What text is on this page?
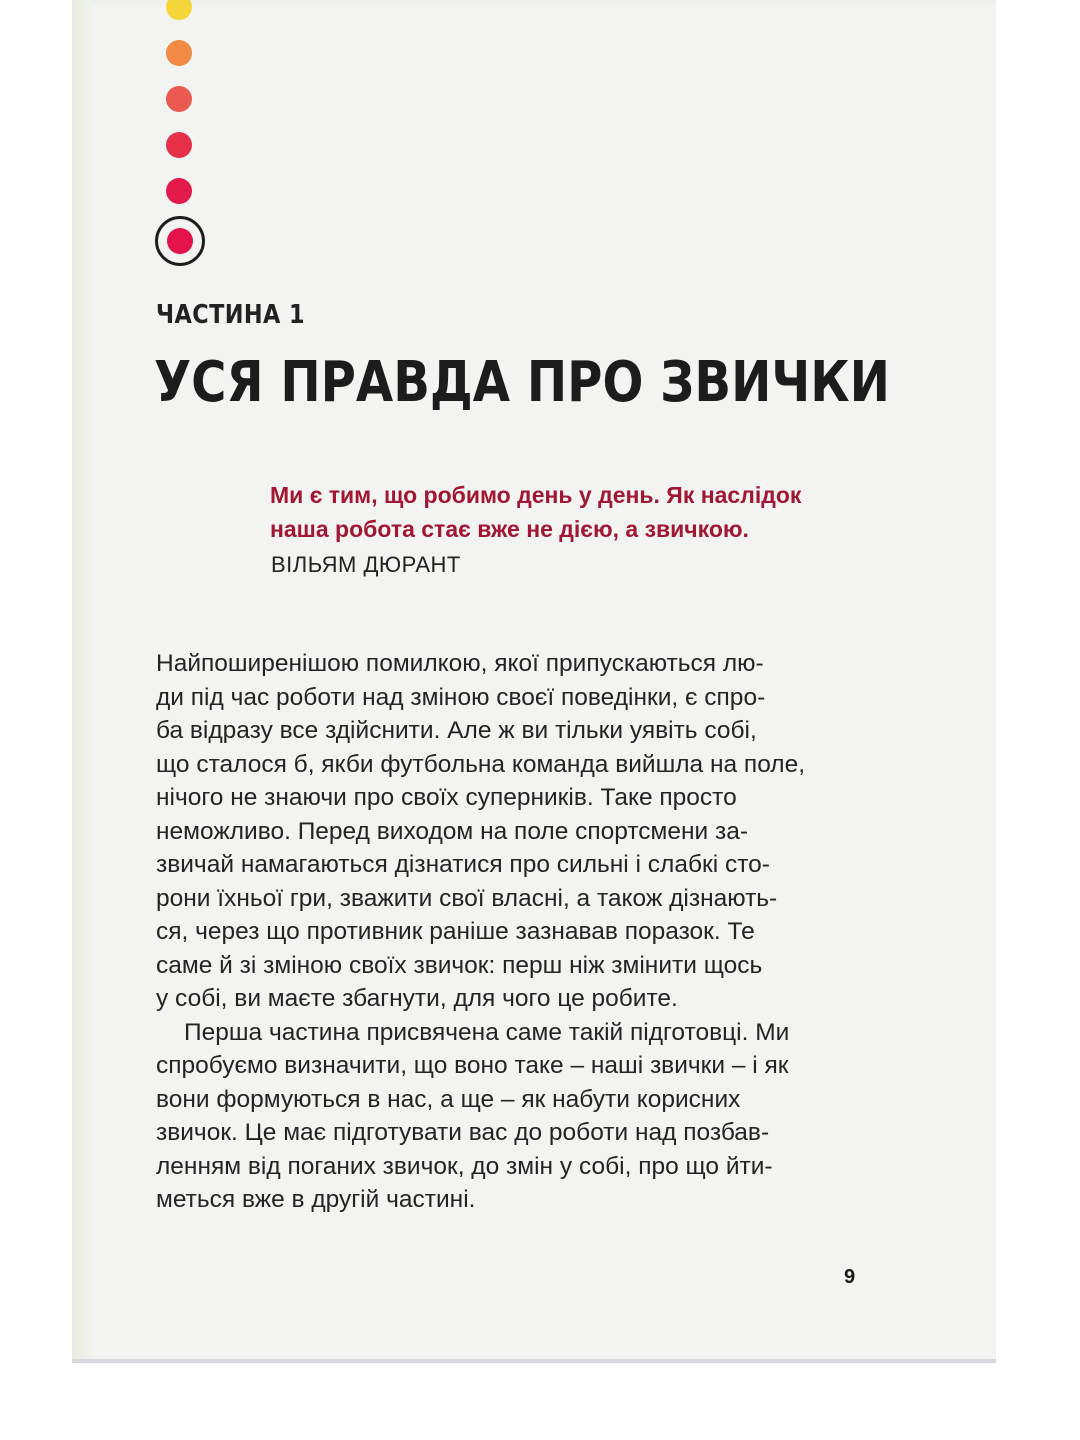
ЧАСТИНА 1
УСЯ ПРАВДА ПРО ЗВИЧКИ
Ми є тим, що робимо день у день. Як наслідок
наша робота стає вже не дією, а звичкою.
ВІЛЬЯМ ДЮРАНТ
Найпоширенішою помилкою, якої припускаються лю-
ди під час роботи над зміною своєї поведінки, є спро-
ба відразу все здійснити. Але ж ви тільки уявіть собі,
що сталося б, якби футбольна команда вийшла на поле,
нічого не знаючи про своїх суперників. Таке просто
неможливо. Перед виходом на поле спортсмени за-
звичай намагаються дізнатися про сильні і слабкі сто-
рони їхньої гри, зважити свої власні, а також дізнають-
ся, через що противник раніше зазнавав поразок. Те
саме й зі зміною своїх звичок: перш ніж змінити щось
у собі, ви маєте збагнути, для чого це робите.
Перша частина присвячена саме такій підготовці. Ми
спробуємо визначити, що воно таке – наші звички – і як
вони формуються в нас, а ще – як набути корисних
звичок. Це має підготувати вас до роботи над позбав-
ленням від поганих звичок, до змін у собі, про що йти-
меться вже в другій частині.
9
